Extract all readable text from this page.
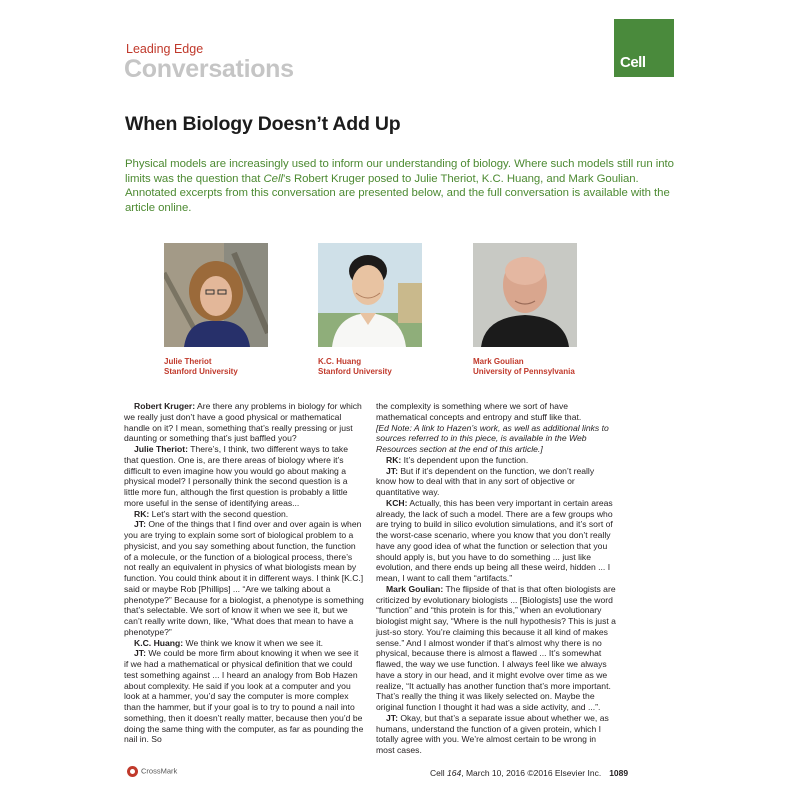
Leading Edge
Conversations	Cell
When Biology Doesn’t Add Up
Physical models are increasingly used to inform our understanding of biology. Where such models still run into limits was the question that Cell’s Robert Kruger posed to Julie Theriot, K.C. Huang, and Mark Goulian. Annotated excerpts from this conversation are presented below, and the full conversation is available with the article online.
Julie Theriot
Stanford University
K.C. Huang
Stanford University
Mark Goulian
University of Pennsylvania

Robert Kruger: Are there any problems in biology for which we really just don’t have a good physical or mathematical handle on it? I mean, something that’s really pressing or just daunting or something that’s just baffled you?

Julie Theriot: There’s, I think, two different ways to take that question. One is, are there areas of biology where it’s difficult to even imagine how you would go about making a physical model? I personally think the second question is a little more fun, although the first question is probably a little more useful in the sense of identifying areas...

RK: Let’s start with the second question.

JT: One of the things that I find over and over again is when you are trying to explain some sort of biological problem to a physicist, and you say something about function, the function of a molecule, or the function of a biological process, there’s not really an equivalent in physics of what biologists mean by function. You could think about it in different ways. I think [K.C.] said or maybe Rob [Phillips] ... “Are we talking about a phenotype?” Because for a biologist, a phenotype is something that’s selectable. We sort of know it when we see it, but we can’t really write down, like, “What does that mean to have a phenotype?”

K.C. Huang: We think we know it when we see it.

JT: We could be more firm about knowing it when we see it if we had a mathematical or physical definition that we could test something against ... I heard an analogy from Bob Hazen about complexity. He said if you look at a computer and you look at a hammer, you’d say the computer is more complex than the hammer, but if your goal is to try to pound a nail into something, then it doesn’t really matter, because then you’d be doing the same thing with the computer, as far as pounding the nail in. So

the complexity is something where we sort of have mathematical concepts and entropy and stuff like that.

[Ed Note: A link to Hazen’s work, as well as additional links to sources referred to in this piece, is available in the Web Resources section at the end of this article.]

RK: It’s dependent upon the function.

JT: But if it’s dependent on the function, we don’t really know how to deal with that in any sort of objective or quantitative way.

KCH: Actually, this has been very important in certain areas already, the lack of such a model. There are a few groups who are trying to build in silico evolution simulations, and it’s sort of the worst-case scenario, where you know that you don’t really have any good idea of what the function or selection that you should apply is, but you have to do something ... just like evolution, and there ends up being all these weird, hidden ... I mean, I want to call them “artifacts.”

Mark Goulian: The flipside of that is that often biologists are criticized by evolutionary biologists ... [Biologists] use the word “function” and “this protein is for this,” when an evolutionary biologist might say, “Where is the null hypothesis? This is just a just-so story. You’re claiming this because it all kind of makes sense.” And I almost wonder if that’s almost why there is no physical, because there is almost a flawed ... It’s somewhat flawed, the way we use function. I always feel like we always have a story in our head, and it might evolve over time as we realize, “It actually has another function that’s more important. That’s really the thing it was likely selected on. Maybe the original function I thought it had was a side activity, and ...”.

JT: Okay, but that’s a separate issue about whether we, as humans, understand the function of a given protein, which I totally agree with you. We’re almost certain to be wrong in most cases.

CrossMark	Cell 164, March 10, 2016 ©2016 Elsevier Inc. 1089
